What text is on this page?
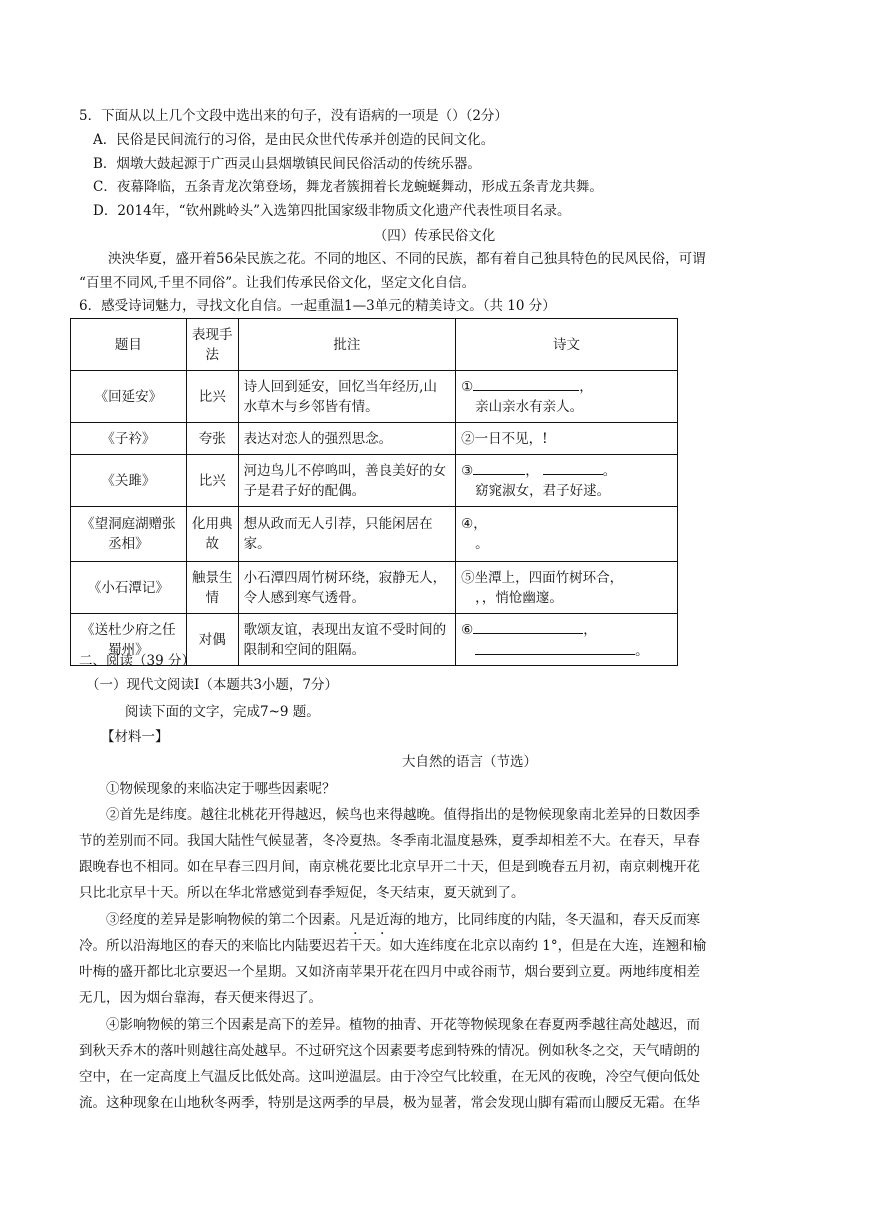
5．下面从以上几个文段中选出来的句子，没有语病的一项是（）（2分）
A．民俗是民间流行的习俗，是由民众世代传承并创造的民间文化。
B．烟墩大鼓起源于广西灵山县烟墩镇民间民俗活动的传统乐器。
C．夜幕降临，五条青龙次第登场，舞龙者簇拥着长龙蜿蜒舞动，形成五条青龙共舞。
D．2014年，“钦州跳岭头”入选第四批国家级非物质文化遗产代表性项目名录。
（四）传承民俗文化
泱泱华夏，盛开着56朵民族之花。不同的地区、不同的民族，都有着自己独具特色的民风民俗，可谓
“百里不同风,千里不同俗”。让我们传承民俗文化，坚定文化自信。
6．感受诗词魅力，寻找文化自信。一起重温1—3单元的精美诗文。（共 10 分）
题目	表现手法	批注	诗文
《回延安》	比兴	诗人回到延安，回忆当年经历,山水草木与乡邻皆有情。	① ，
亲山亲水有亲人。

《子衿》	夸张	表达对恋人的强烈思念。	②一日不见，!
《关雎》	比兴	河边鸟儿不停鸣叫，善良美好的女子是君子好的配偶。	③ ， 。
窈窕淑女，君子好逑。

《望洞庭湖赠张丞相》	化用典故	想从政而无人引荐，只能闲居在家。	④，
。

《小石潭记》	触景生情	小石潭四周竹树环绕，寂静无人，令人感到寒气透骨。	⑤坐潭上，四面竹树环合，
，，悄怆幽邃。

《送杜少府之任蜀州》	对偶	歌颂友谊，表现出友谊不受时间的限制和空间的阻隔。	⑥ ，
。
二、阅读（39 分）
（一）现代文阅读Ⅰ（本题共3小题，7分）
阅读下面的文字，完成7~9 题。
【材料一】
大自然的语言（节选）
①物候现象的来临决定于哪些因素呢？
②首先是纬度。越往北桃花开得越迟，候鸟也来得越晚。值得指出的是物候现象南北差异的日数因季
节的差别而不同。我国大陆性气候显著，冬冷夏热。冬季南北温度悬殊，夏季却相差不大。在春天，早春
跟晚春也不相同。如在早春三四月间，南京桃花要比北京早开二十天，但是到晚春五月初，南京刺槐开花
只比北京早十天。所以在华北常感觉到春季短促，冬天结束，夏天就到了。
③经度的差异是影响物候的第二个因素。凡是近海的地方，比同纬度的内陆，冬天温和，春天反而寒
冷。所以沿海地区的春天的来临比内陆要迟若干天。如大连纬度在北京以南约 1°，但是在大连，连翘和榆
叶梅的盛开都比北京要迟一个星期。又如济南苹果开花在四月中或谷雨节，烟台要到立夏。两地纬度相差
无几，因为烟台靠海，春天便来得迟了。
④影响物候的第三个因素是高下的差异。植物的抽青、开花等物候现象在春夏两季越往高处越迟，而
到秋天乔木的落叶则越往高处越早。不过研究这个因素要考虑到特殊的情况。例如秋冬之交，天气晴朗的
空中，在一定高度上气温反比低处高。这叫逆温层。由于冷空气比较重，在无风的夜晚，冷空气便向低处
流。这种现象在山地秋冬两季，特别是这两季的早晨，极为显著，常会发现山脚有霜而山腰反无霜。在华
